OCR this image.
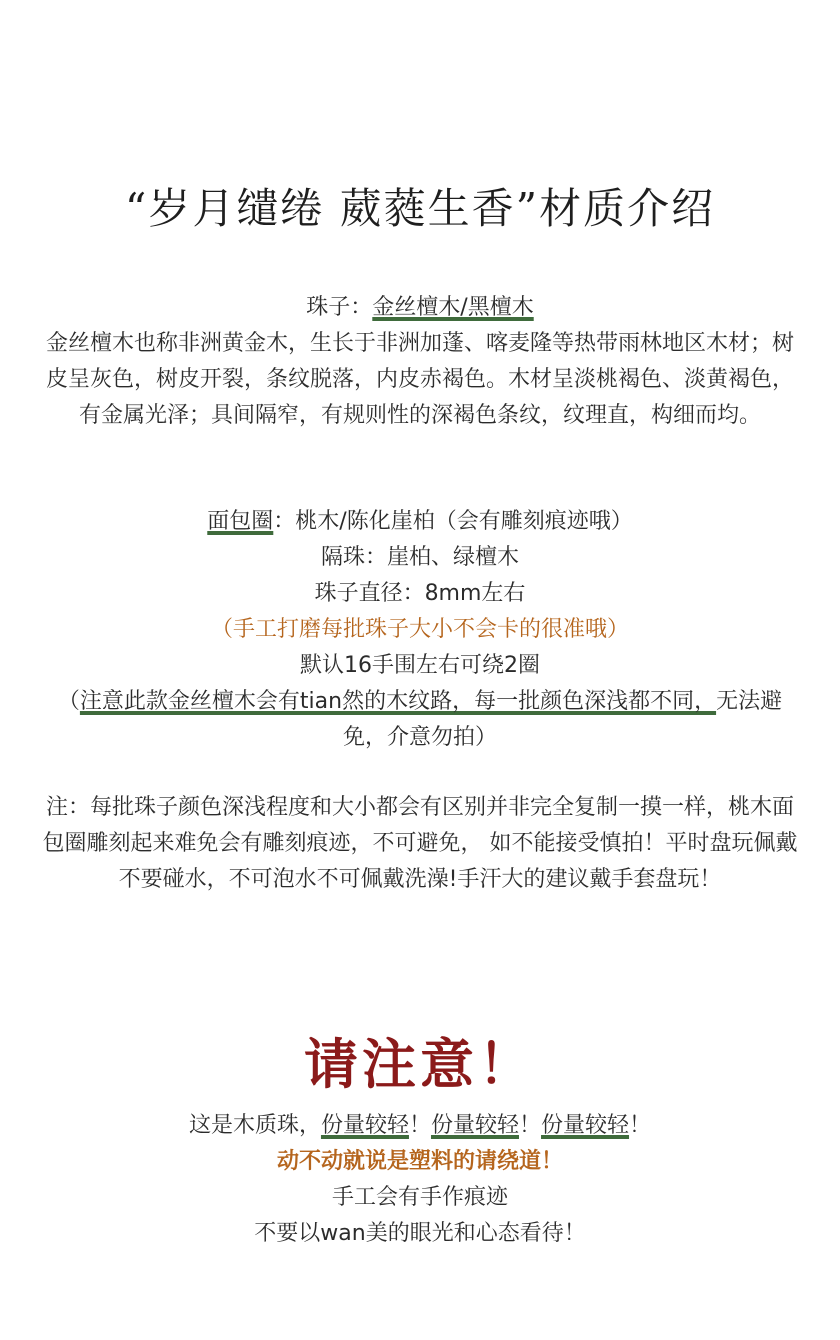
“岁月缱绻 葳蕤生香”材质介绍
珠子：金丝檀木/黑檀木
金丝檀木也称非洲黄金木，生长于非洲加蓬、喀麦隆等热带雨林地区木材；树皮呈灰色，树皮开裂，条纹脱落，内皮赤褐色。木材呈淡桃褐色、淡黄褐色，有金属光泽；具间隔窄，有规则性的深褐色条纹，纹理直，构细而均。
面包圈：桃木/陈化崖柏（会有雕刻痕迹哦）
隔珠：崖柏、绿檀木
珠子直径：8mm左右
（手工打磨每批珠子大小不会卡的很准哦）
默认16手围左右可绕2圈
（注意此款金丝檀木会有tian然的木纹路，每一批颜色深浅都不同，无法避免，介意勿拍）
注：每批珠子颜色深浅程度和大小都会有区别并非完全复制一摸一样，桃木面包圈雕刻起来难免会有雕刻痕迹，不可避免， 如不能接受慎拍！平时盘玩佩戴不要碰水，不可泡水不可佩戴洗澡!手汗大的建议戴手套盘玩！
请注意！
这是木质珠，份量较轻！份量较轻！份量较轻！
动不动就说是塑料的请绕道！
手工会有手作痕迹
不要以wan美的眼光和心态看待！
